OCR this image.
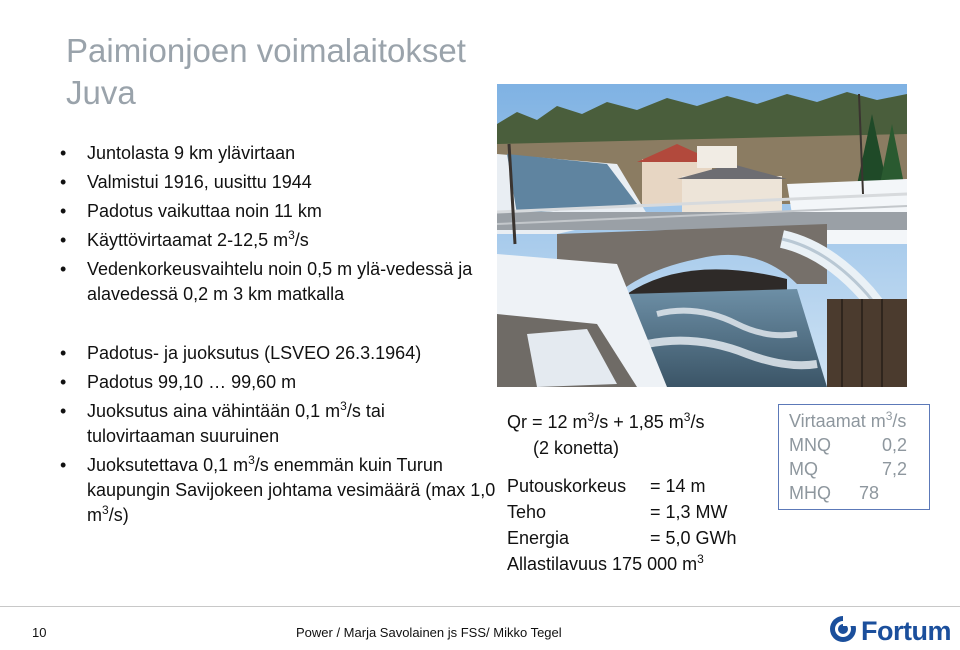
Paimionjoen voimalaitokset
Juva
• Juntolasta 9 km ylävirtaan
• Valmistui 1916, uusittu 1944
• Padotus vaikuttaa noin 11 km
• Käyttövirtaamat 2-12,5 $m^3/s$
• Vedenkorkeusvaihtelu noin 0,5 m ylä-vedessä ja alavedessä 0,2 m 3 km matkalla
• Padotus- ja juoksutus (LSVEO 26.3.1964)
• Padotus 99,10 … 99,60 m
• Juoksutus aina vähintään 0,1 $m^3/s$ tai tulovirtaaman suuruinen
• Juoksutettava 0,1 $m^3/s$ enemmän kuin Turun kaupungin Savijokeen johtama vesimäärä (max 1,0 $m^3/s$)
Qr = 12 $m^3/s + 1,85$ $m^3/s$
(2 konetta)
Putouskorkeus	= 14 m
Teho	= 1,3 MW
Energia	= 5,0 GWh
Allastilavuus 175 000 $m^3$
Virtaamat $m^3/s$
MNQ	0,2
MQ	7,2
MHQ	78
10	Power / Marja Savolainen js FSS/ Mikko Tegel	Fortum
